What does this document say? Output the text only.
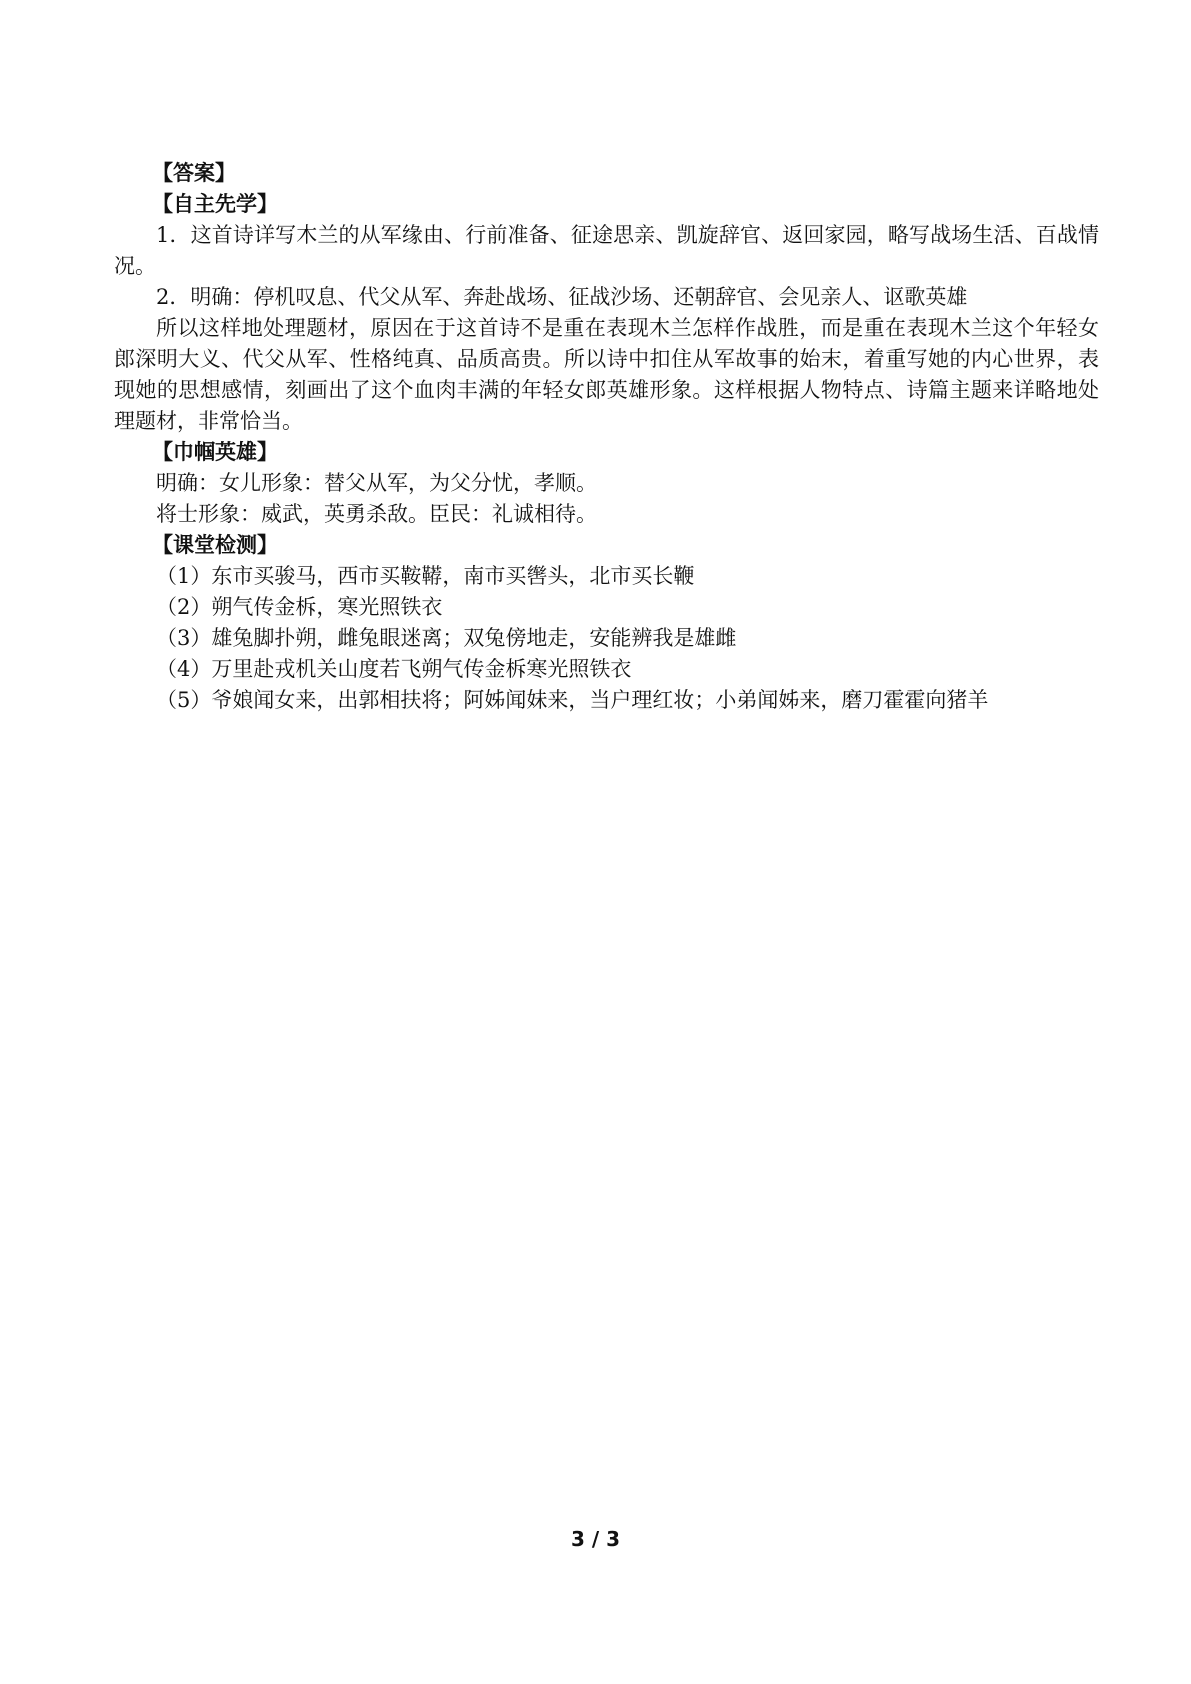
【答案】
【自主先学】

1．这首诗详写木兰的从军缘由、行前准备、征途思亲、凯旋辞官、返回家园，略写战场生活、百战情况。

2．明确：停机叹息、代父从军、奔赴战场、征战沙场、还朝辞官、会见亲人、讴歌英雄

所以这样地处理题材，原因在于这首诗不是重在表现木兰怎样作战胜，而是重在表现木兰这个年轻女郎深明大义、代父从军、性格纯真、品质高贵。所以诗中扣住从军故事的始末，着重写她的内心世界，表现她的思想感情，刻画出了这个血肉丰满的年轻女郎英雄形象。这样根据人物特点、诗篇主题来详略地处理题材，非常恰当。

【巾帼英雄】
明确：女儿形象：替父从军，为父分忧，孝顺。
将士形象：威武，英勇杀敌。臣民：礼诚相待。
【课堂检测】
（1）东市买骏马，西市买鞍鞯，南市买辔头，北市买长鞭
（2）朔气传金柝，寒光照铁衣
（3）雄兔脚扑朔，雌兔眼迷离；双兔傍地走，安能辨我是雄雌
（4）万里赴戎机关山度若飞朔气传金柝寒光照铁衣

（5）爷娘闻女来，出郭相扶将；阿姊闻妹来，当户理红妆；小弟闻姊来，磨刀霍霍向猪羊

3 / 3
